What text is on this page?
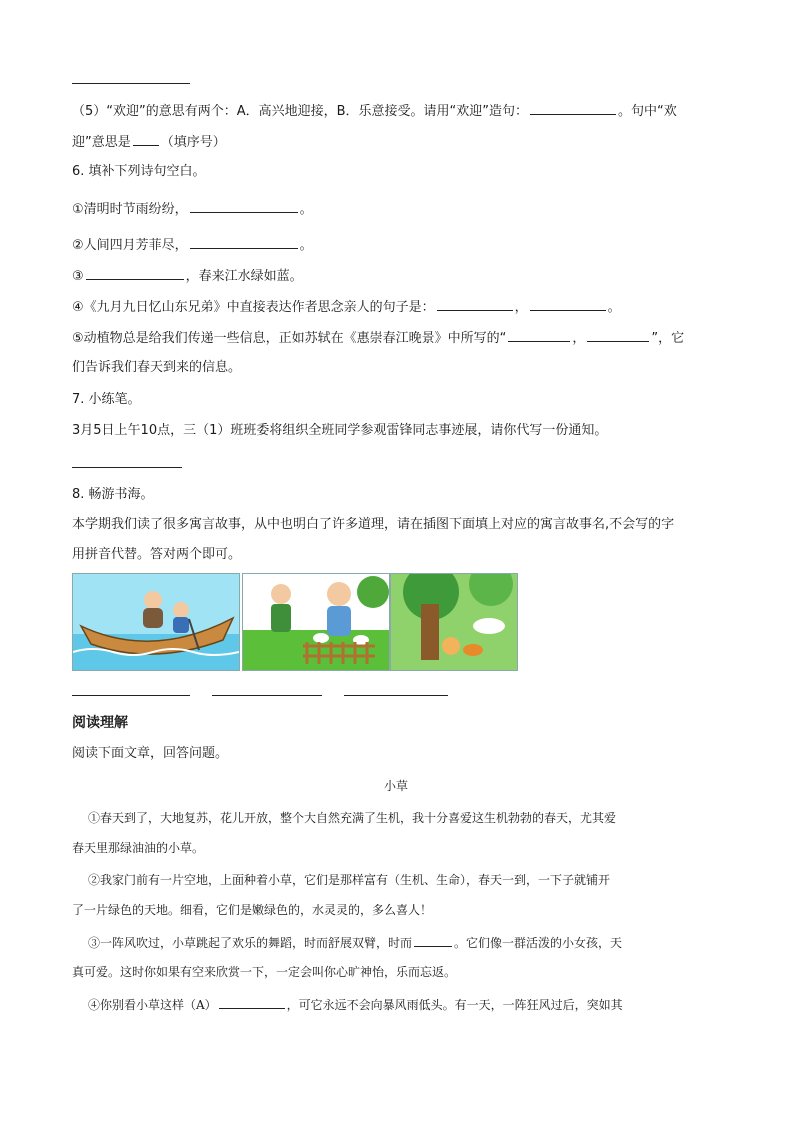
（5）“欢迎”的意思有两个：A．高兴地迎接，B．乐意接受。请用“欢迎”造句：	。句中“欢
迎”意思是 （填序号）
6. 填补下列诗句空白。
①清明时节雨纷纷，	。
②人间四月芳菲尽，	。
③	，春来江水绿如蓝。
④《九月九日忆山东兄弟》中直接表达作者思念亲人的句子是：	，	。
⑤动植物总是给我们传递一些信息，正如苏轼在《惠崇春江晚景》中所写的“	，	”，它
们告诉我们春天到来的信息。
7. 小练笔。
3月5日上午10点，三（1）班班委将组织全班同学参观雷锋同志事迹展，请你代写一份通知。
8. 畅游书海。
本学期我们读了很多寓言故事，从中也明白了许多道理，请在插图下面填上对应的寓言故事名,不会写的字
用拼音代替。答对两个即可。
阅读理解
阅读下面文章，回答问题。
小草
①春天到了，大地复苏，花儿开放，整个大自然充满了生机，我十分喜爱这生机勃勃的春天，尤其爱
春天里那绿油油的小草。
②我家门前有一片空地，上面种着小草，它们是那样富有（生机、生命），春天一到，一下子就铺开
了一片绿色的天地。细看，它们是嫩绿色的，水灵灵的，多么喜人！
③一阵风吹过，小草跳起了欢乐的舞蹈，时而舒展双臂，时而	。它们像一群活泼的小女孩，天
真可爱。这时你如果有空来欣赏一下，一定会叫你心旷神怡，乐而忘返。
④你别看小草这样（A）	，可它永远不会向暴风雨低头。有一天，一阵狂风过后，突如其
